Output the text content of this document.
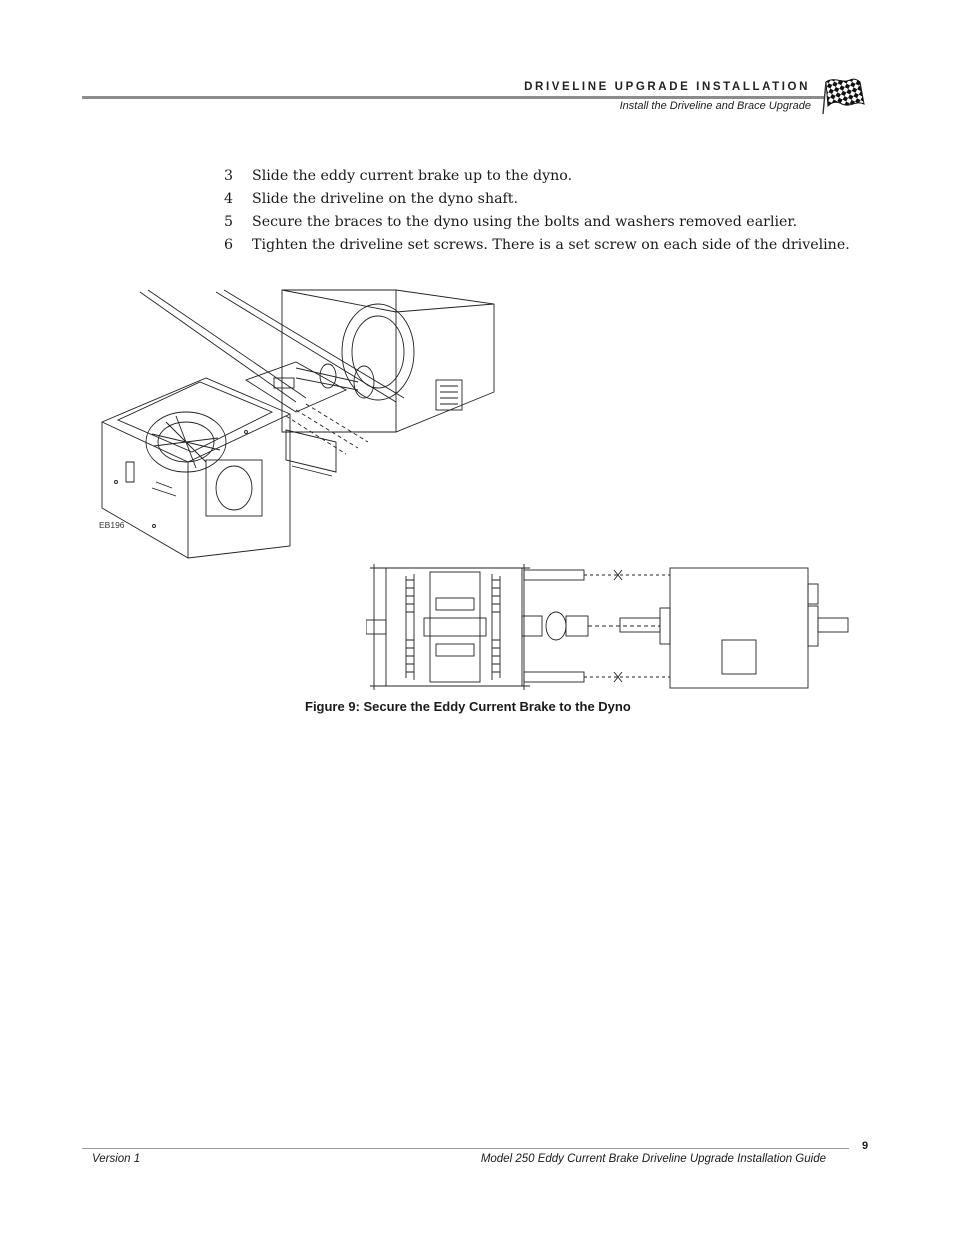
DRIVELINE UPGRADE INSTALLATION
Install the Driveline and Brace Upgrade
3	Slide the eddy current brake up to the dyno.
4	Slide the driveline on the dyno shaft.
5	Secure the braces to the dyno using the bolts and washers removed earlier.
6	Tighten the driveline set screws. There is a set screw on each side of the driveline.
EB196
Figure 9: Secure the Eddy Current Brake to the Dyno
9
Version 1	Model 250 Eddy Current Brake Driveline Upgrade Installation Guide
